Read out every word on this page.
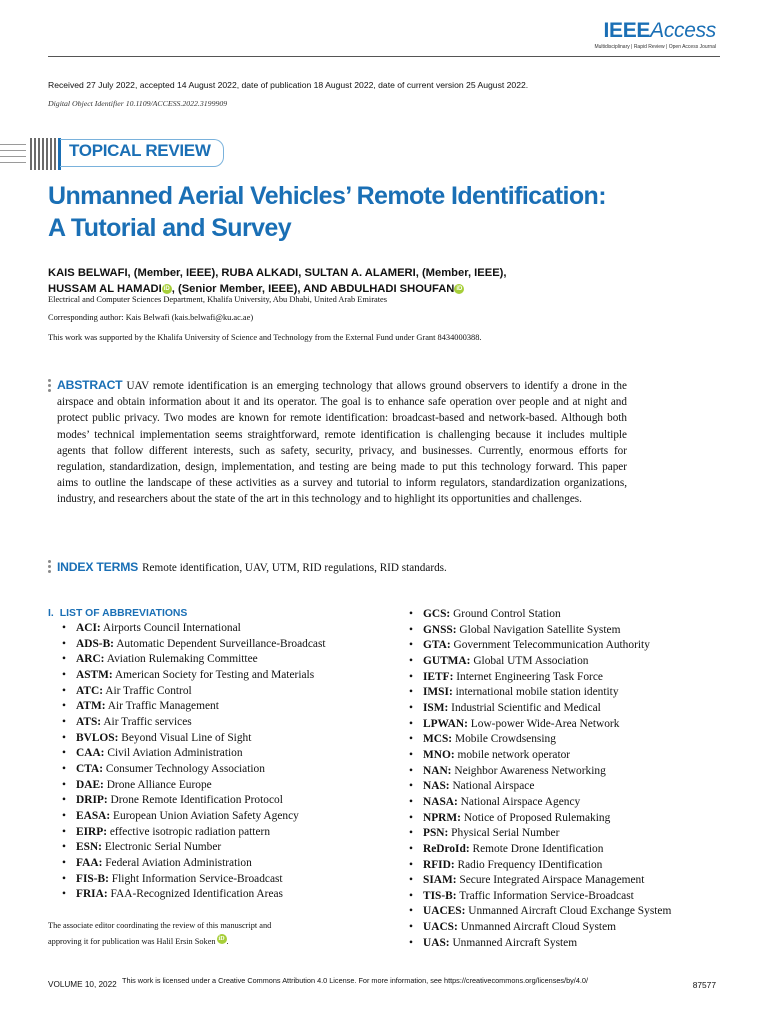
IEEEAccess
Multidisciplinary | Rapid Review | Open Access Journal
Received 27 July 2022, accepted 14 August 2022, date of publication 18 August 2022, date of current version 25 August 2022.
Digital Object Identifier 10.1109/ACCESS.2022.3199909
TOPICAL REVIEW
Unmanned Aerial Vehicles’ Remote Identification:
A Tutorial and Survey
KAIS BELWAFI, (Member, IEEE), RUBA ALKADI, SULTAN A. ALAMERI, (Member, IEEE),
HUSSAM AL HAMADI iD , (Senior Member, IEEE), AND ABDULHADI SHOUFAN iD
Electrical and Computer Sciences Department, Khalifa University, Abu Dhabi, United Arab Emirates
Corresponding author: Kais Belwafi (kais.belwafi@ku.ac.ae)
This work was supported by the Khalifa University of Science and Technology from the External Fund under Grant 8434000388.
ABSTRACT UAV remote identification is an emerging technology that allows ground observers to identify a drone in the airspace and obtain information about it and its operator. The goal is to enhance safe operation over people and at night and protect public privacy. Two modes are known for remote identification: broadcast-based and network-based. Although both modes’ technical implementation seems straightforward, remote identification is challenging because it includes multiple agents that follow different interests, such as safety, security, privacy, and businesses. Currently, enormous efforts for regulation, standardization, design, implementation, and testing are being made to put this technology forward. This paper aims to outline the landscape of these activities as a survey and tutorial to inform regulators, standardization organizations, industry, and researchers about the state of the art in this technology and to highlight its opportunities and challenges.
INDEX TERMS Remote identification, UAV, UTM, RID regulations, RID standards.
I. LIST OF ABBREVIATIONS
• ACI: Airports Council International
• ADS-B: Automatic Dependent Surveillance-Broadcast
• ARC: Aviation Rulemaking Committee
• ASTM: American Society for Testing and Materials
• ATC: Air Traffic Control
• ATM: Air Traffic Management
• ATS: Air Traffic services
• BVLOS: Beyond Visual Line of Sight
• CAA: Civil Aviation Administration
• CTA: Consumer Technology Association
• DAE: Drone Alliance Europe
• DRIP: Drone Remote Identification Protocol
• EASA: European Union Aviation Safety Agency
• EIRP: effective isotropic radiation pattern
• ESN: Electronic Serial Number
• FAA: Federal Aviation Administration
• FIS-B: Flight Information Service-Broadcast
• FRIA: FAA-Recognized Identification Areas
• GCS: Ground Control Station
• GNSS: Global Navigation Satellite System
• GTA: Government Telecommunication Authority
• GUTMA: Global UTM Association
• IETF: Internet Engineering Task Force
• IMSI: international mobile station identity
• ISM: Industrial Scientific and Medical
• LPWAN: Low-power Wide-Area Network
• MCS: Mobile Crowdsensing
• MNO: mobile network operator
• NAN: Neighbor Awareness Networking
• NAS: National Airspace
• NASA: National Airspace Agency
• NPRM: Notice of Proposed Rulemaking
• PSN: Physical Serial Number
• ReDroId: Remote Drone Identification
• RFID: Radio Frequency IDentification
• SIAM: Secure Integrated Airspace Management
• TIS-B: Traffic Information Service-Broadcast
• UACES: Unmanned Aircraft Cloud Exchange System
• UACS: Unmanned Aircraft Cloud System
• UAS: Unmanned Aircraft System
The associate editor coordinating the review of this manuscript and
approving it for publication was Halil Ersin Soken iD .
VOLUME 10, 2022 This work is licensed under a Creative Commons Attribution 4.0 License. For more information, see https://creativecommons.org/licenses/by/4.0/	87577
